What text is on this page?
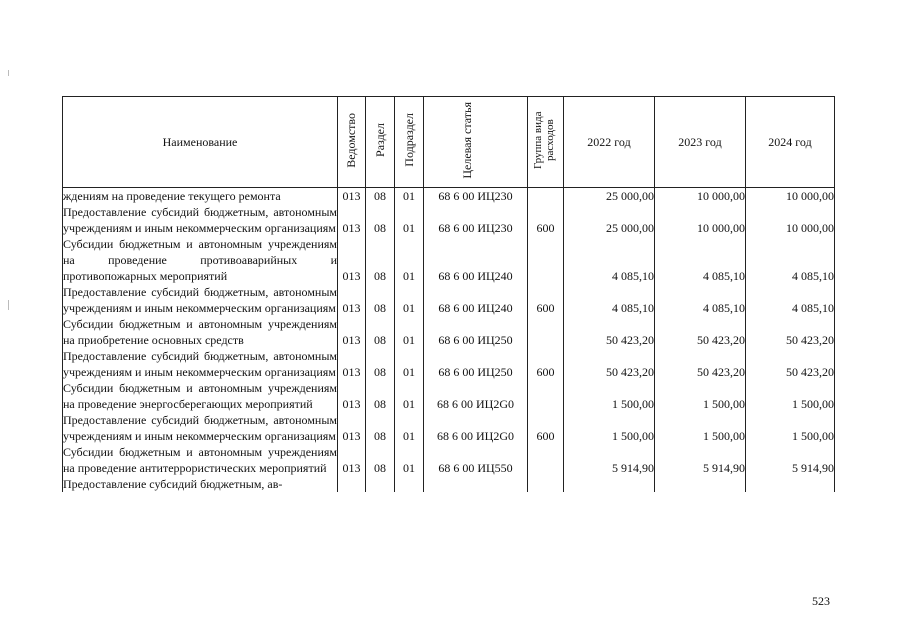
Наименование	Ведомство	Раздел	Подраздел	Целевая статья	Группа вида расходов	2022 год	2023 год	2024 год
ждениям на проведение текущего ремонта	013	08	01	68 6 00 ИЦ230		25 000,00	10 000,00	10 000,00
Предоставление субсидий бюджетным, автономным учреждениям и иным некоммерческим организациям	013	08	01	68 6 00 ИЦ230	600	25 000,00	10 000,00	10 000,00
Субсидии бюджетным и автономным учреждениям на проведение противоаварийных и противопожарных мероприятий	013	08	01	68 6 00 ИЦ240		4 085,10	4 085,10	4 085,10
Предоставление субсидий бюджетным, автономным учреждениям и иным некоммерческим организациям	013	08	01	68 6 00 ИЦ240	600	4 085,10	4 085,10	4 085,10
Субсидии бюджетным и автономным учреждениям на приобретение основных средств	013	08	01	68 6 00 ИЦ250		50 423,20	50 423,20	50 423,20
Предоставление субсидий бюджетным, автономным учреждениям и иным некоммерческим организациям	013	08	01	68 6 00 ИЦ250	600	50 423,20	50 423,20	50 423,20
Субсидии бюджетным и автономным учреждениям на проведение энергосберегающих мероприятий	013	08	01	68 6 00 ИЦ2G0		1 500,00	1 500,00	1 500,00
Предоставление субсидий бюджетным, автономным учреждениям и иным некоммерческим организациям	013	08	01	68 6 00 ИЦ2G0	600	1 500,00	1 500,00	1 500,00
Субсидии бюджетным и автономным учреждениям на проведение антитеррористических мероприятий	013	08	01	68 6 00 ИЦ550		5 914,90	5 914,90	5 914,90
Предоставление субсидий бюджетным, ав-								
523
